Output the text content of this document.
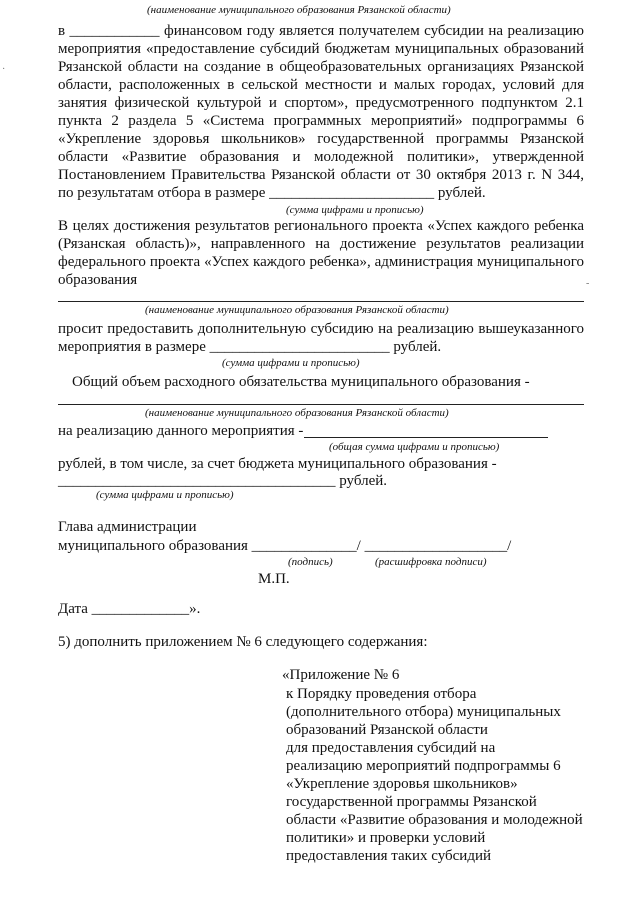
(наименование муниципального образования Рязанской области)
в ____________ финансовом году является получателем субсидии на реализацию
мероприятия «предоставление субсидий бюджетам муниципальных образований
Рязанской области на создание в общеобразовательных организациях Рязанской
области, расположенных в сельской местности и малых городах, условий для
занятия физической культурой и спортом», предусмотренного подпунктом 2.1
пункта 2 раздела 5 «Система программных мероприятий» подпрограммы 6
«Укрепление здоровья школьников» государственной программы Рязанской
области «Развитие образования и молодежной политики», утвержденной
Постановлением Правительства Рязанской области от 30 октября 2013 г. N 344,
по результатам отбора в размере ______________________ рублей.
(сумма цифрами и прописью)
В целях достижения результатов регионального проекта «Успех каждого ребенка
(Рязанская область)», направленного на достижение результатов реализации
федерального проекта «Успех каждого ребенка», администрация муниципального
образования
(наименование муниципального образования Рязанской области)
просит предоставить дополнительную субсидию на реализацию вышеуказанного
мероприятия в размере ________________________ рублей.
(сумма цифрами и прописью)
Общий объем расходного обязательства муниципального образования -
(наименование муниципального образования Рязанской области)
на реализацию данного мероприятия -
(общая сумма цифрами и прописью)
рублей, в том числе, за счет бюджета муниципального образования -
_____________________________________ рублей.
(сумма цифрами и прописью)
Глава администрации
муниципального образования ______________/ ___________________/
(подпись)	(расшифровка подписи)
М.П.
Дата _____________».
5) дополнить приложением № 6 следующего содержания:
«Приложение № 6
к Порядку проведения отбора
(дополнительного отбора) муниципальных
образований Рязанской области
для предоставления субсидий на
реализацию мероприятий подпрограммы 6
«Укрепление здоровья школьников»
государственной программы Рязанской
области «Развитие образования и молодежной
политики» и проверки условий
предоставления таких субсидий
·
-
